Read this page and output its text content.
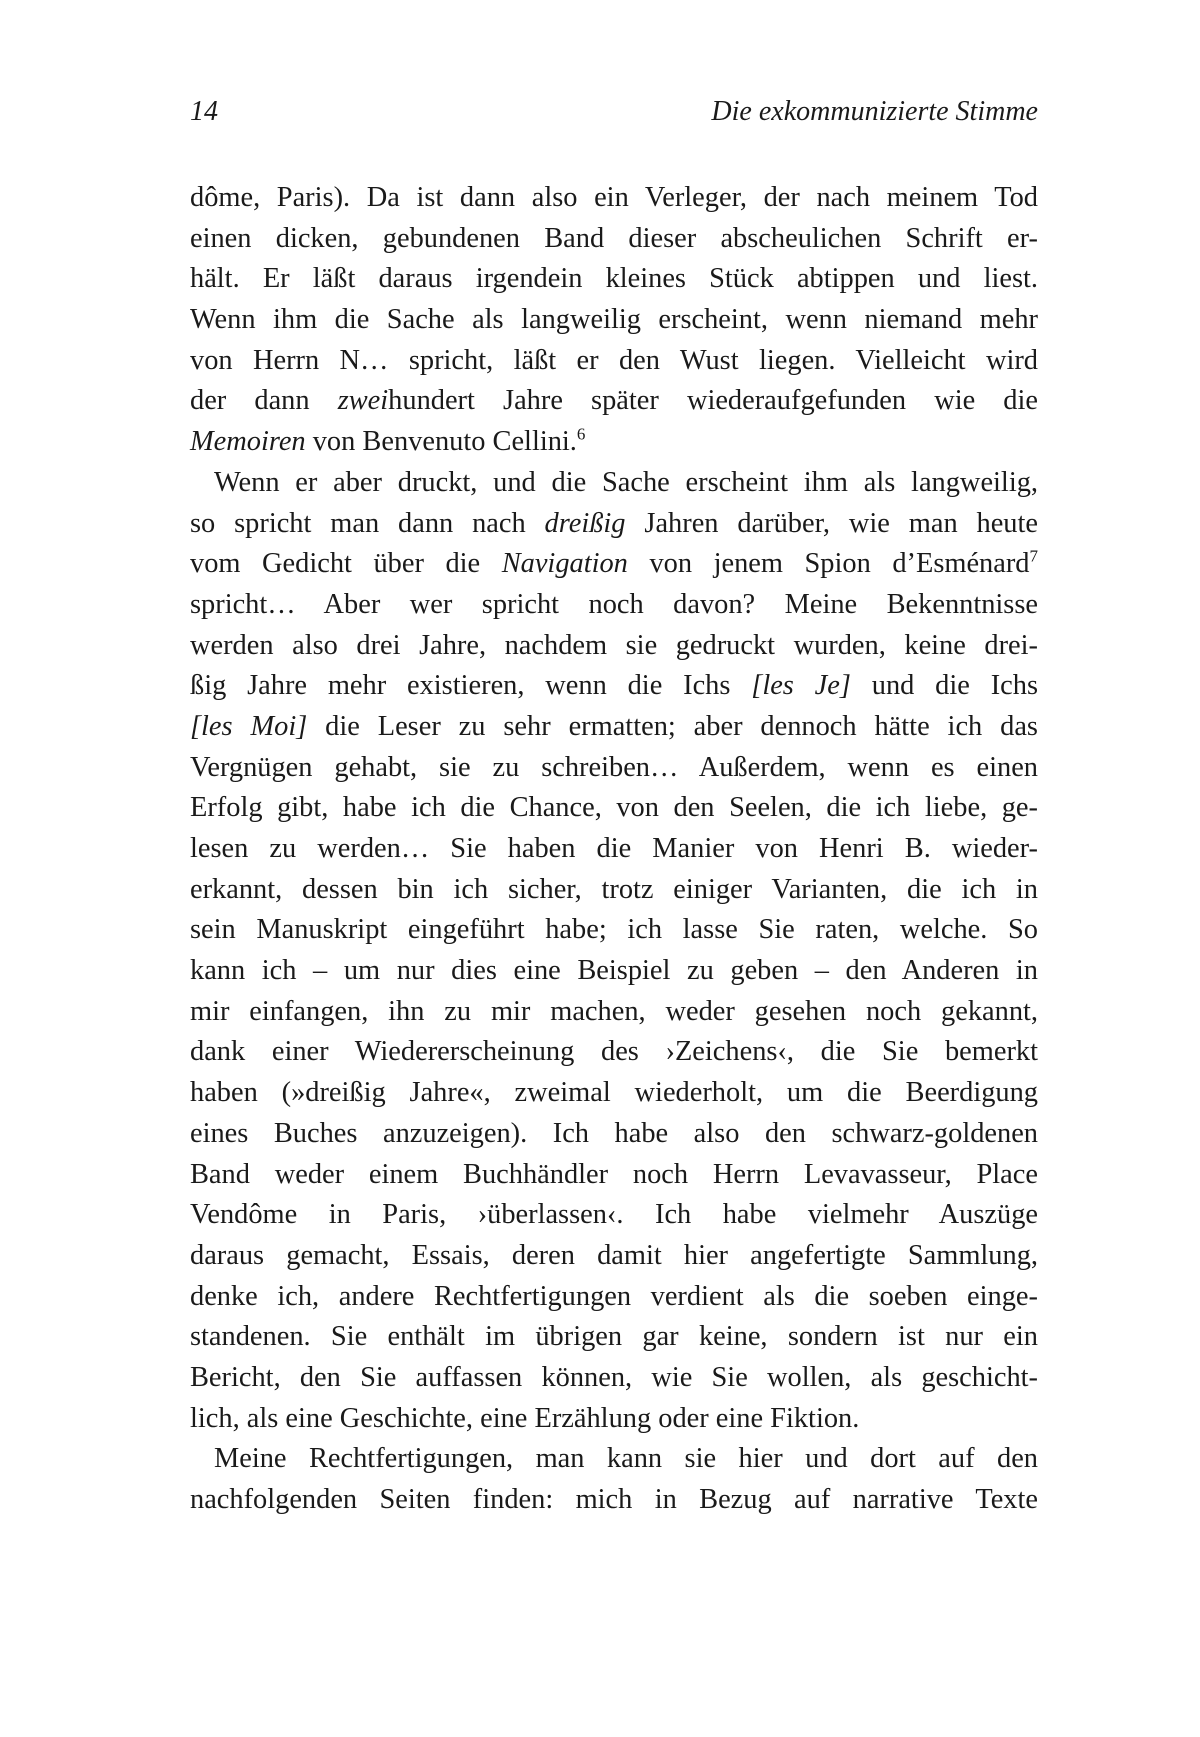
14	Die exkommunizierte Stimme
dôme, Paris). Da ist dann also ein Verleger, der nach meinem Tod
einen dicken, gebundenen Band dieser abscheulichen Schrift er-
hält. Er läßt daraus irgendein kleines Stück abtippen und liest.
Wenn ihm die Sache als langweilig erscheint, wenn niemand mehr
von Herrn N… spricht, läßt er den Wust liegen. Vielleicht wird
der dann zweihundert Jahre später wiederaufgefunden wie die
Memoiren von Benvenuto Cellini.$^6$
Wenn er aber druckt, und die Sache erscheint ihm als langweilig,
so spricht man dann nach dreißig Jahren darüber, wie man heute
vom Gedicht über die Navigation von jenem Spion d’Esménard$^7$
spricht… Aber wer spricht noch davon? Meine Bekenntnisse
werden also drei Jahre, nachdem sie gedruckt wurden, keine drei-
ßig Jahre mehr existieren, wenn die Ichs [les Je] und die Ichs
[les Moi] die Leser zu sehr ermatten; aber dennoch hätte ich das
Vergnügen gehabt, sie zu schreiben… Außerdem, wenn es einen
Erfolg gibt, habe ich die Chance, von den Seelen, die ich liebe, ge-
lesen zu werden… Sie haben die Manier von Henri B. wieder-
erkannt, dessen bin ich sicher, trotz einiger Varianten, die ich in
sein Manuskript eingeführt habe; ich lasse Sie raten, welche. So
kann ich – um nur dies eine Beispiel zu geben – den Anderen in
mir einfangen, ihn zu mir machen, weder gesehen noch gekannt,
dank einer Wiedererscheinung des ›Zeichens‹, die Sie bemerkt
haben (»dreißig Jahre«, zweimal wiederholt, um die Beerdigung
eines Buches anzuzeigen). Ich habe also den schwarz-goldenen
Band weder einem Buchhändler noch Herrn Levavasseur, Place
Vendôme in Paris, ›überlassen‹. Ich habe vielmehr Auszüge
daraus gemacht, Essais, deren damit hier angefertigte Sammlung,
denke ich, andere Rechtfertigungen verdient als die soeben einge-
standenen. Sie enthält im übrigen gar keine, sondern ist nur ein
Bericht, den Sie auffassen können, wie Sie wollen, als geschicht-
lich, als eine Geschichte, eine Erzählung oder eine Fiktion.
Meine Rechtfertigungen, man kann sie hier und dort auf den
nachfolgenden Seiten finden: mich in Bezug auf narrative Texte
